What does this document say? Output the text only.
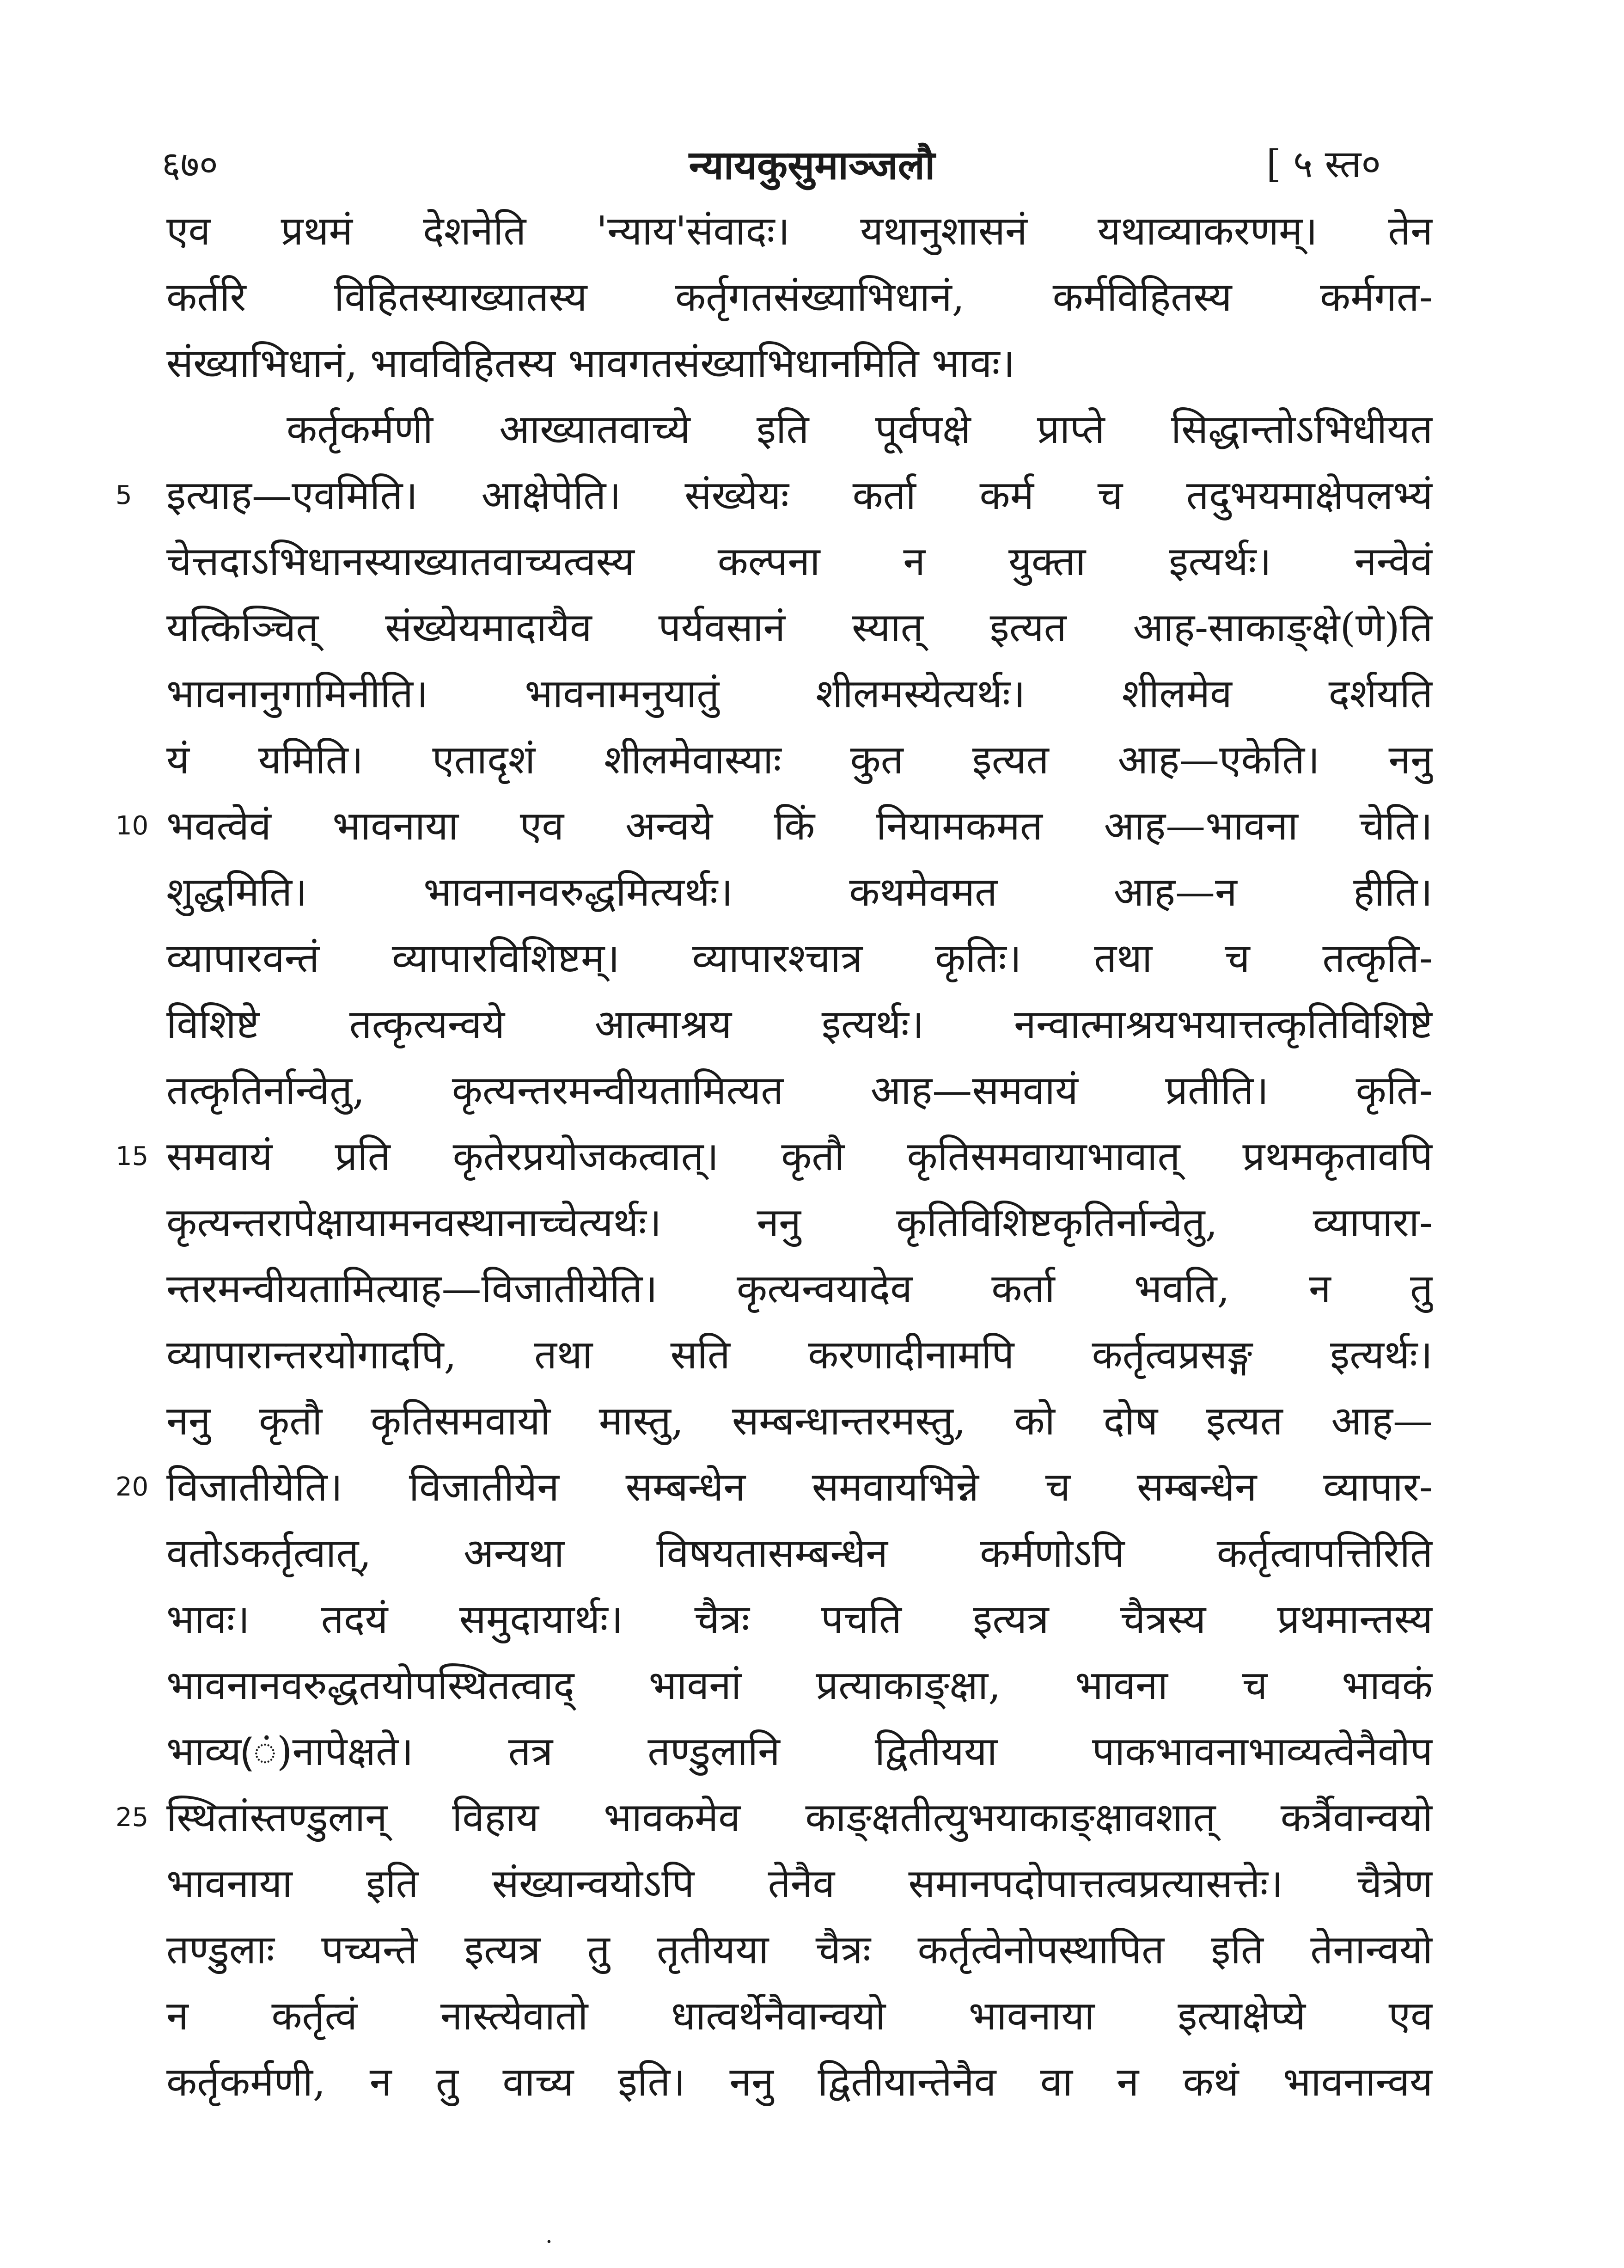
६७०	न्यायकुसुमाञ्जलौ	[ ५ स्त०
एव प्रथमं देशनेति 'न्याय'संवादः। यथानुशासनं यथाव्याकरणम्। तेन
कर्तरि विहितस्याख्यातस्य कर्तृगतसंख्याभिधानं, कर्मविहितस्य कर्मगत-
संख्याभिधानं, भावविहितस्य भावगतसंख्याभिधानमिति भावः।
कर्तृकर्मणी आख्यातवाच्ये इति पूर्वपक्षे प्राप्ते सिद्धान्तोऽभिधीयत
इत्याह—एवमिति। आक्षेपेति। संख्येयः कर्ता कर्म च तदुभयमाक्षेपलभ्यं
चेत्तदाऽभिधानस्याख्यातवाच्यत्वस्य कल्पना न युक्ता इत्यर्थः। नन्वेवं
यत्किञ्चित् संख्येयमादायैव पर्यवसानं स्यात् इत्यत आह-साकाङ्क्षे(णे)ति
भावनानुगामिनीति। भावनामनुयातुं शीलमस्येत्यर्थः। शीलमेव दर्शयति
यं यमिति। एतादृशं शीलमेवास्याः कुत इत्यत आह—एकेति। ननु
भवत्वेवं भावनाया एव अन्वये किं नियामकमत आह—भावना चेति।
शुद्धमिति। भावनानवरुद्धमित्यर्थः। कथमेवमत आह—न हीति।
व्यापारवन्तं व्यापारविशिष्टम्। व्यापारश्चात्र कृतिः। तथा च तत्कृति-
विशिष्टे तत्कृत्यन्वये आत्माश्रय इत्यर्थः। नन्वात्माश्रयभयात्तत्कृतिविशिष्टे
तत्कृतिर्नान्वेतु, कृत्यन्तरमन्वीयतामित्यत आह—समवायं प्रतीति। कृति-
समवायं प्रति कृतेरप्रयोजकत्वात्। कृतौ कृतिसमवायाभावात् प्रथमकृतावपि
कृत्यन्तरापेक्षायामनवस्थानाच्चेत्यर्थः। ननु कृतिविशिष्टकृतिर्नान्वेतु, व्यापारा-
न्तरमन्वीयतामित्याह—विजातीयेति। कृत्यन्वयादेव कर्ता भवति, न तु
व्यापारान्तरयोगादपि, तथा सति करणादीनामपि कर्तृत्वप्रसङ्ग इत्यर्थः।
ननु कृतौ कृतिसमवायो मास्तु, सम्बन्धान्तरमस्तु, को दोष इत्यत आह—
विजातीयेति। विजातीयेन सम्बन्धेन समवायभिन्ने च सम्बन्धेन व्यापार-
वतोऽकर्तृत्वात्, अन्यथा विषयतासम्बन्धेन कर्मणोऽपि कर्तृत्वापत्तिरिति
भावः। तदयं समुदायार्थः। चैत्रः पचति इत्यत्र चैत्रस्य प्रथमान्तस्य
भावनानवरुद्धतयोपस्थितत्वाद् भावनां प्रत्याकाङ्क्षा, भावना च भावकं
भाव्य(ं)नापेक्षते। तत्र तण्डुलानि द्वितीयया पाकभावनाभाव्यत्वेनैवोप
स्थितांस्तण्डुलान् विहाय भावकमेव काङ्क्षतीत्युभयाकाङ्क्षावशात् कर्त्रैवान्वयो
भावनाया इति संख्यान्वयोऽपि तेनैव समानपदोपात्तत्वप्रत्यासत्तेः। चैत्रेण
तण्डुलाः पच्यन्ते इत्यत्र तु तृतीयया चैत्रः कर्तृत्वेनोपस्थापित इति तेनान्वयो
न कर्तृत्वं नास्त्येवातो धात्वर्थेनैवान्वयो भावनाया इत्याक्षेप्ये एव
कर्तृकर्मणी, न तु वाच्य इति। ननु द्वितीयान्तेनैव वा न कथं भावनान्वय
5
10
15
20
25
·
